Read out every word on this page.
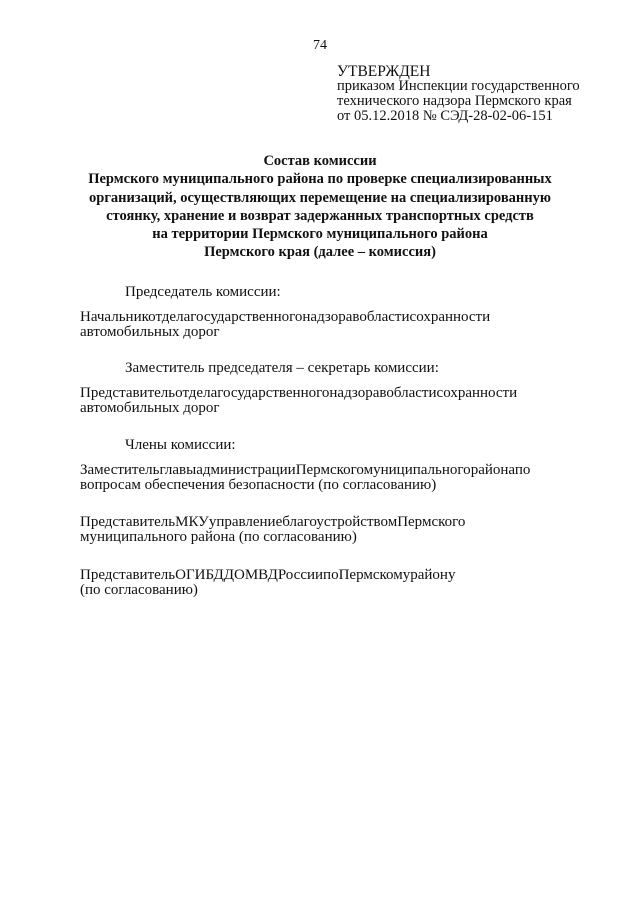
74
УТВЕРЖДЕН
приказом Инспекции государственного
технического надзора Пермского края
от 05.12.2018 № СЭД-28-02-06-151
Состав комиссии
Пермского муниципального района по проверке специализированных
организаций, осуществляющих перемещение на специализированную
стоянку, хранение и возврат задержанных транспортных средств
на территории Пермского муниципального района
Пермского края (далее – комиссия)
Председатель комиссии:
Начальникотделагосударственногонадзоравобластисохранности
автомобильных дорог
Заместитель председателя – секретарь комиссии:
Представительотделагосударственногонадзоравобластисохранности
автомобильных дорог
Члены комиссии:
ЗаместительглавыадминистрацииПермскогомуниципальногорайонапо
вопросам обеспечения безопасности (по согласованию)
ПредставительМКУуправлениеблагоустройствомПермского
муниципального района (по согласованию)
ПредставительОГИБДДОМВДРоссиипоПермскомурайону
(по согласованию)
